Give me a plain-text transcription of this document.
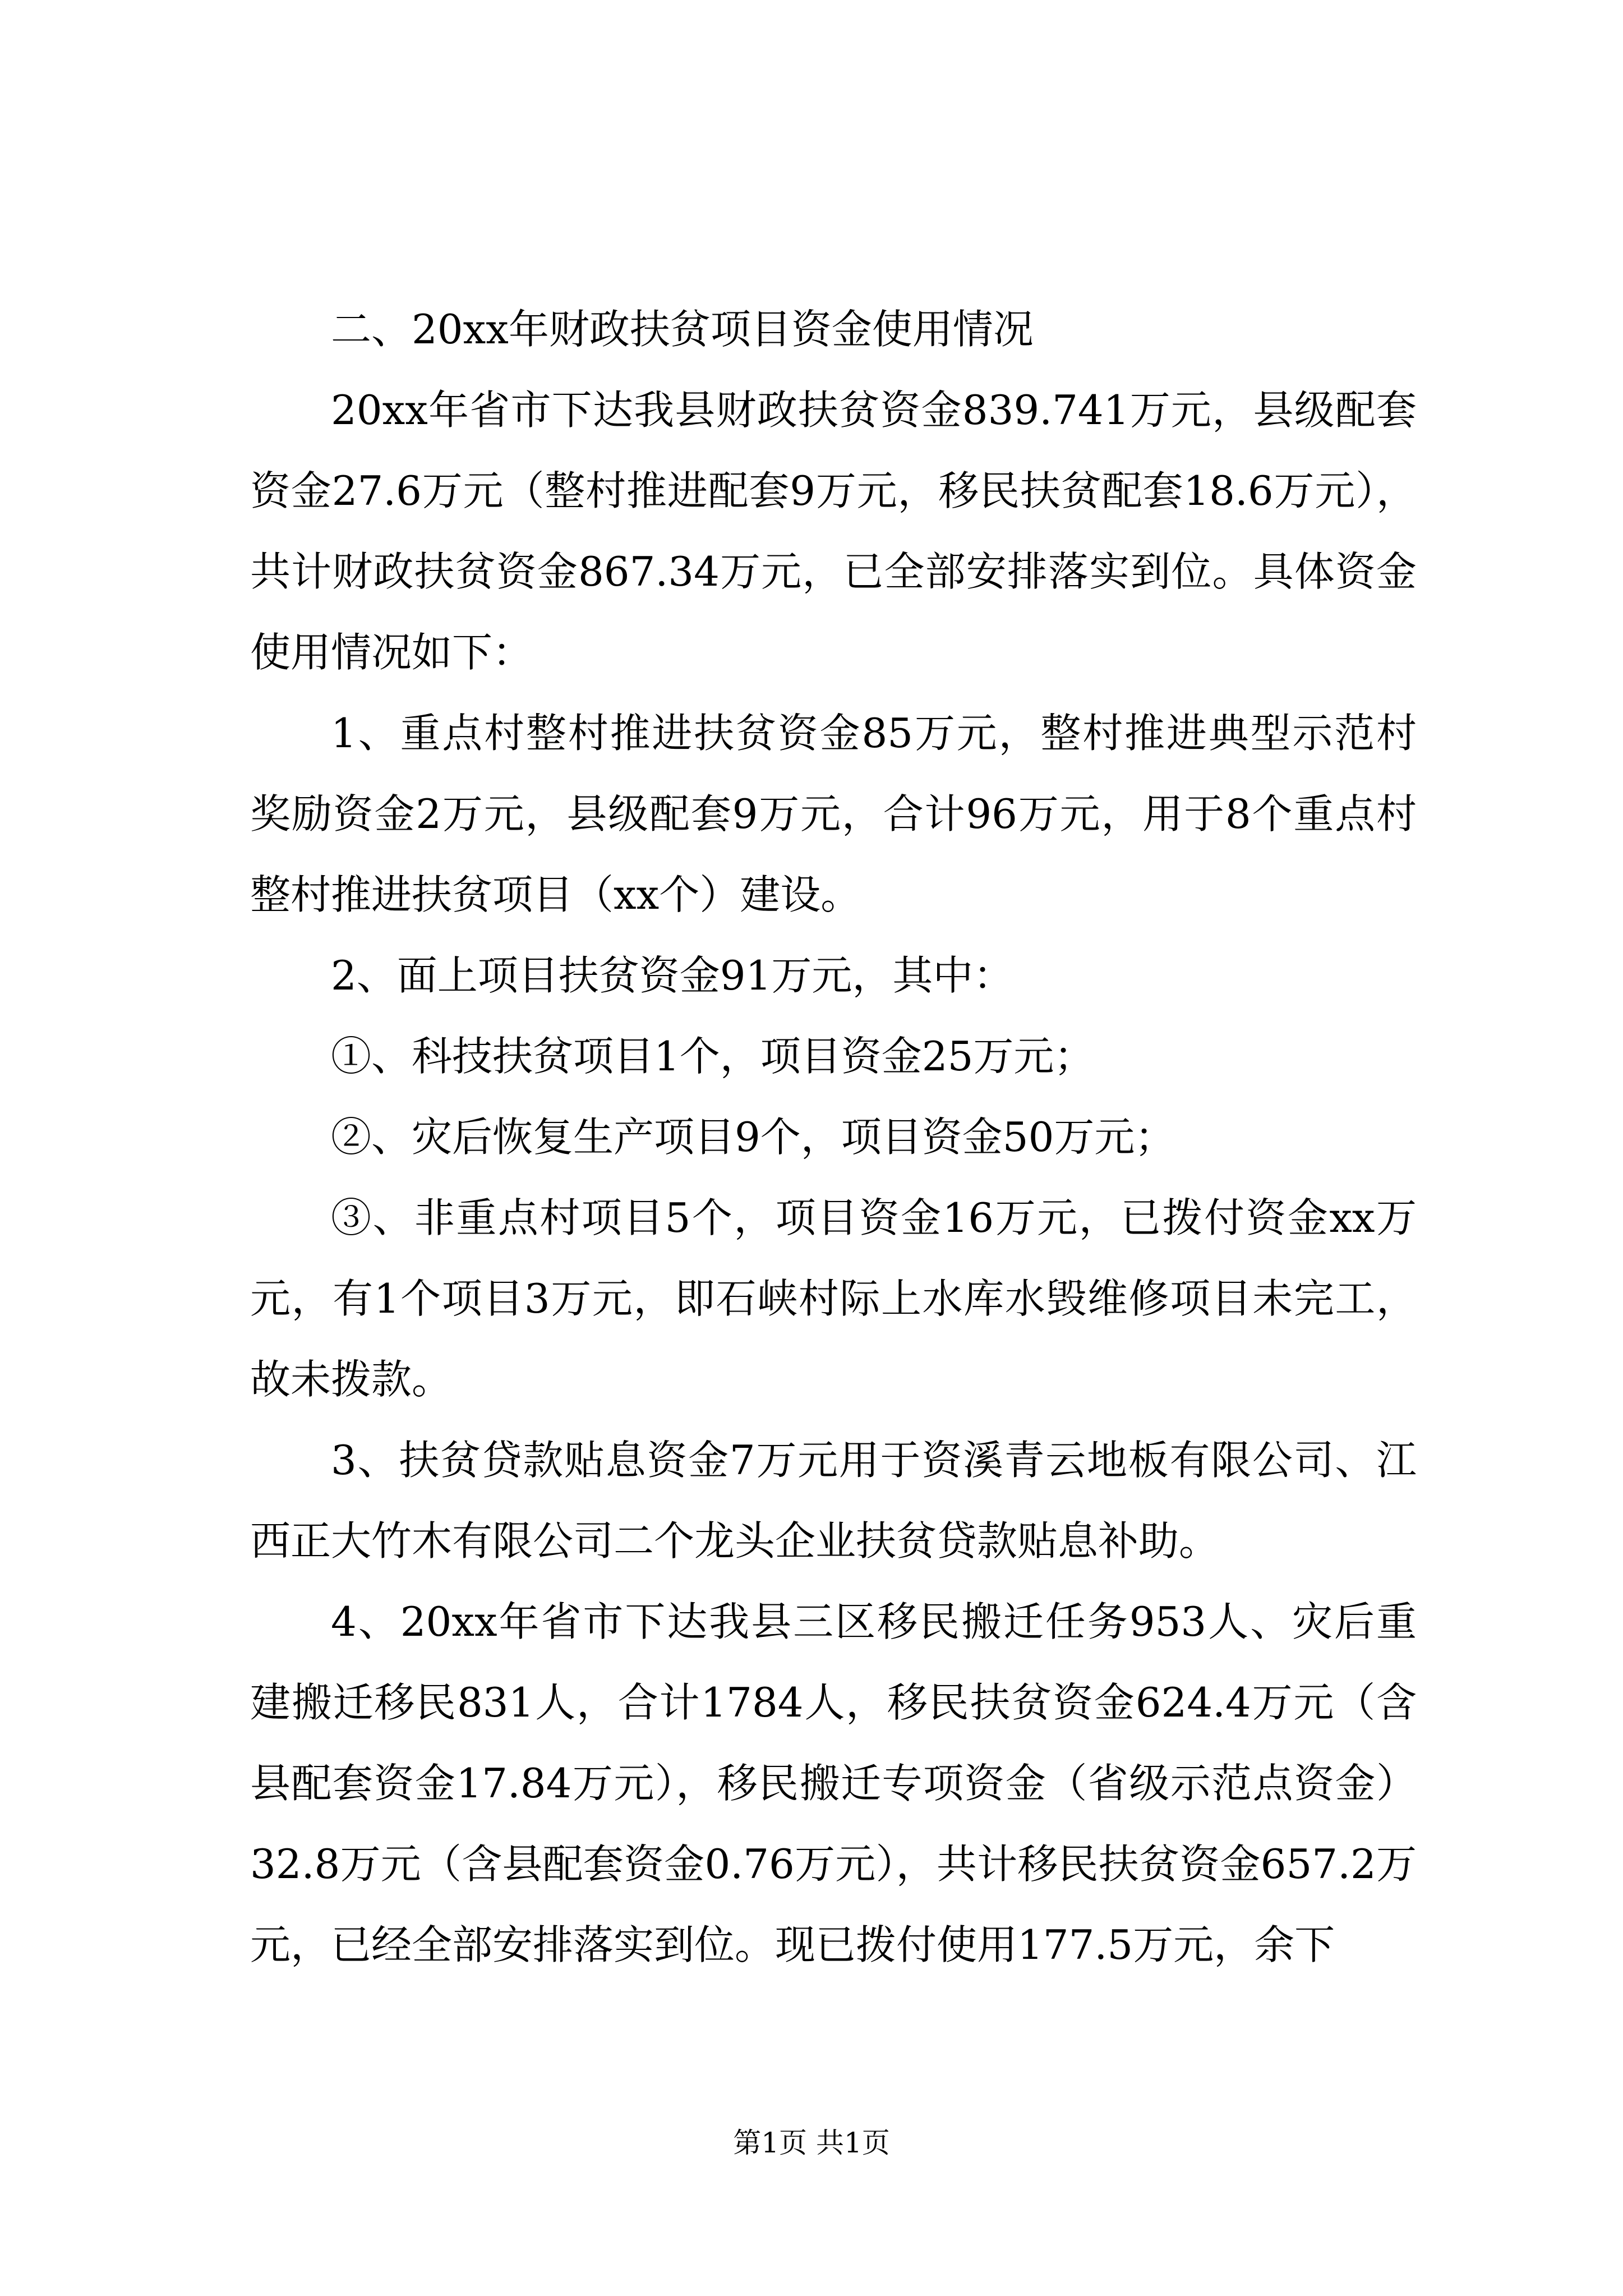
二、20xx年财政扶贫项目资金使用情况

20xx年省市下达我县财政扶贫资金839.741万元，县级配套资金27.6万元（整村推进配套9万元，移民扶贫配套18.6万元），共计财政扶贫资金867.34万元，已全部安排落实到位。具体资金使用情况如下：

1、重点村整村推进扶贫资金85万元，整村推进典型示范村奖励资金2万元，县级配套9万元，合计96万元，用于8个重点村整村推进扶贫项目（xx个）建设。

2、面上项目扶贫资金91万元，其中：

①、科技扶贫项目1个，项目资金25万元；

②、灾后恢复生产项目9个，项目资金50万元；

③、非重点村项目5个，项目资金16万元，已拨付资金xx万元，有1个项目3万元，即石峡村际上水库水毁维修项目未完工，故未拨款。

3、扶贫贷款贴息资金7万元用于资溪青云地板有限公司、江西正大竹木有限公司二个龙头企业扶贫贷款贴息补助。

4、20xx年省市下达我县三区移民搬迁任务953人、灾后重建搬迁移民831人，合计1784人，移民扶贫资金624.4万元（含县配套资金17.84万元），移民搬迁专项资金（省级示范点资金）32.8万元（含县配套资金0.76万元），共计移民扶贫资金657.2万元，已经全部安排落实到位。现已拨付使用177.5万元，余下

第1页 共1页
